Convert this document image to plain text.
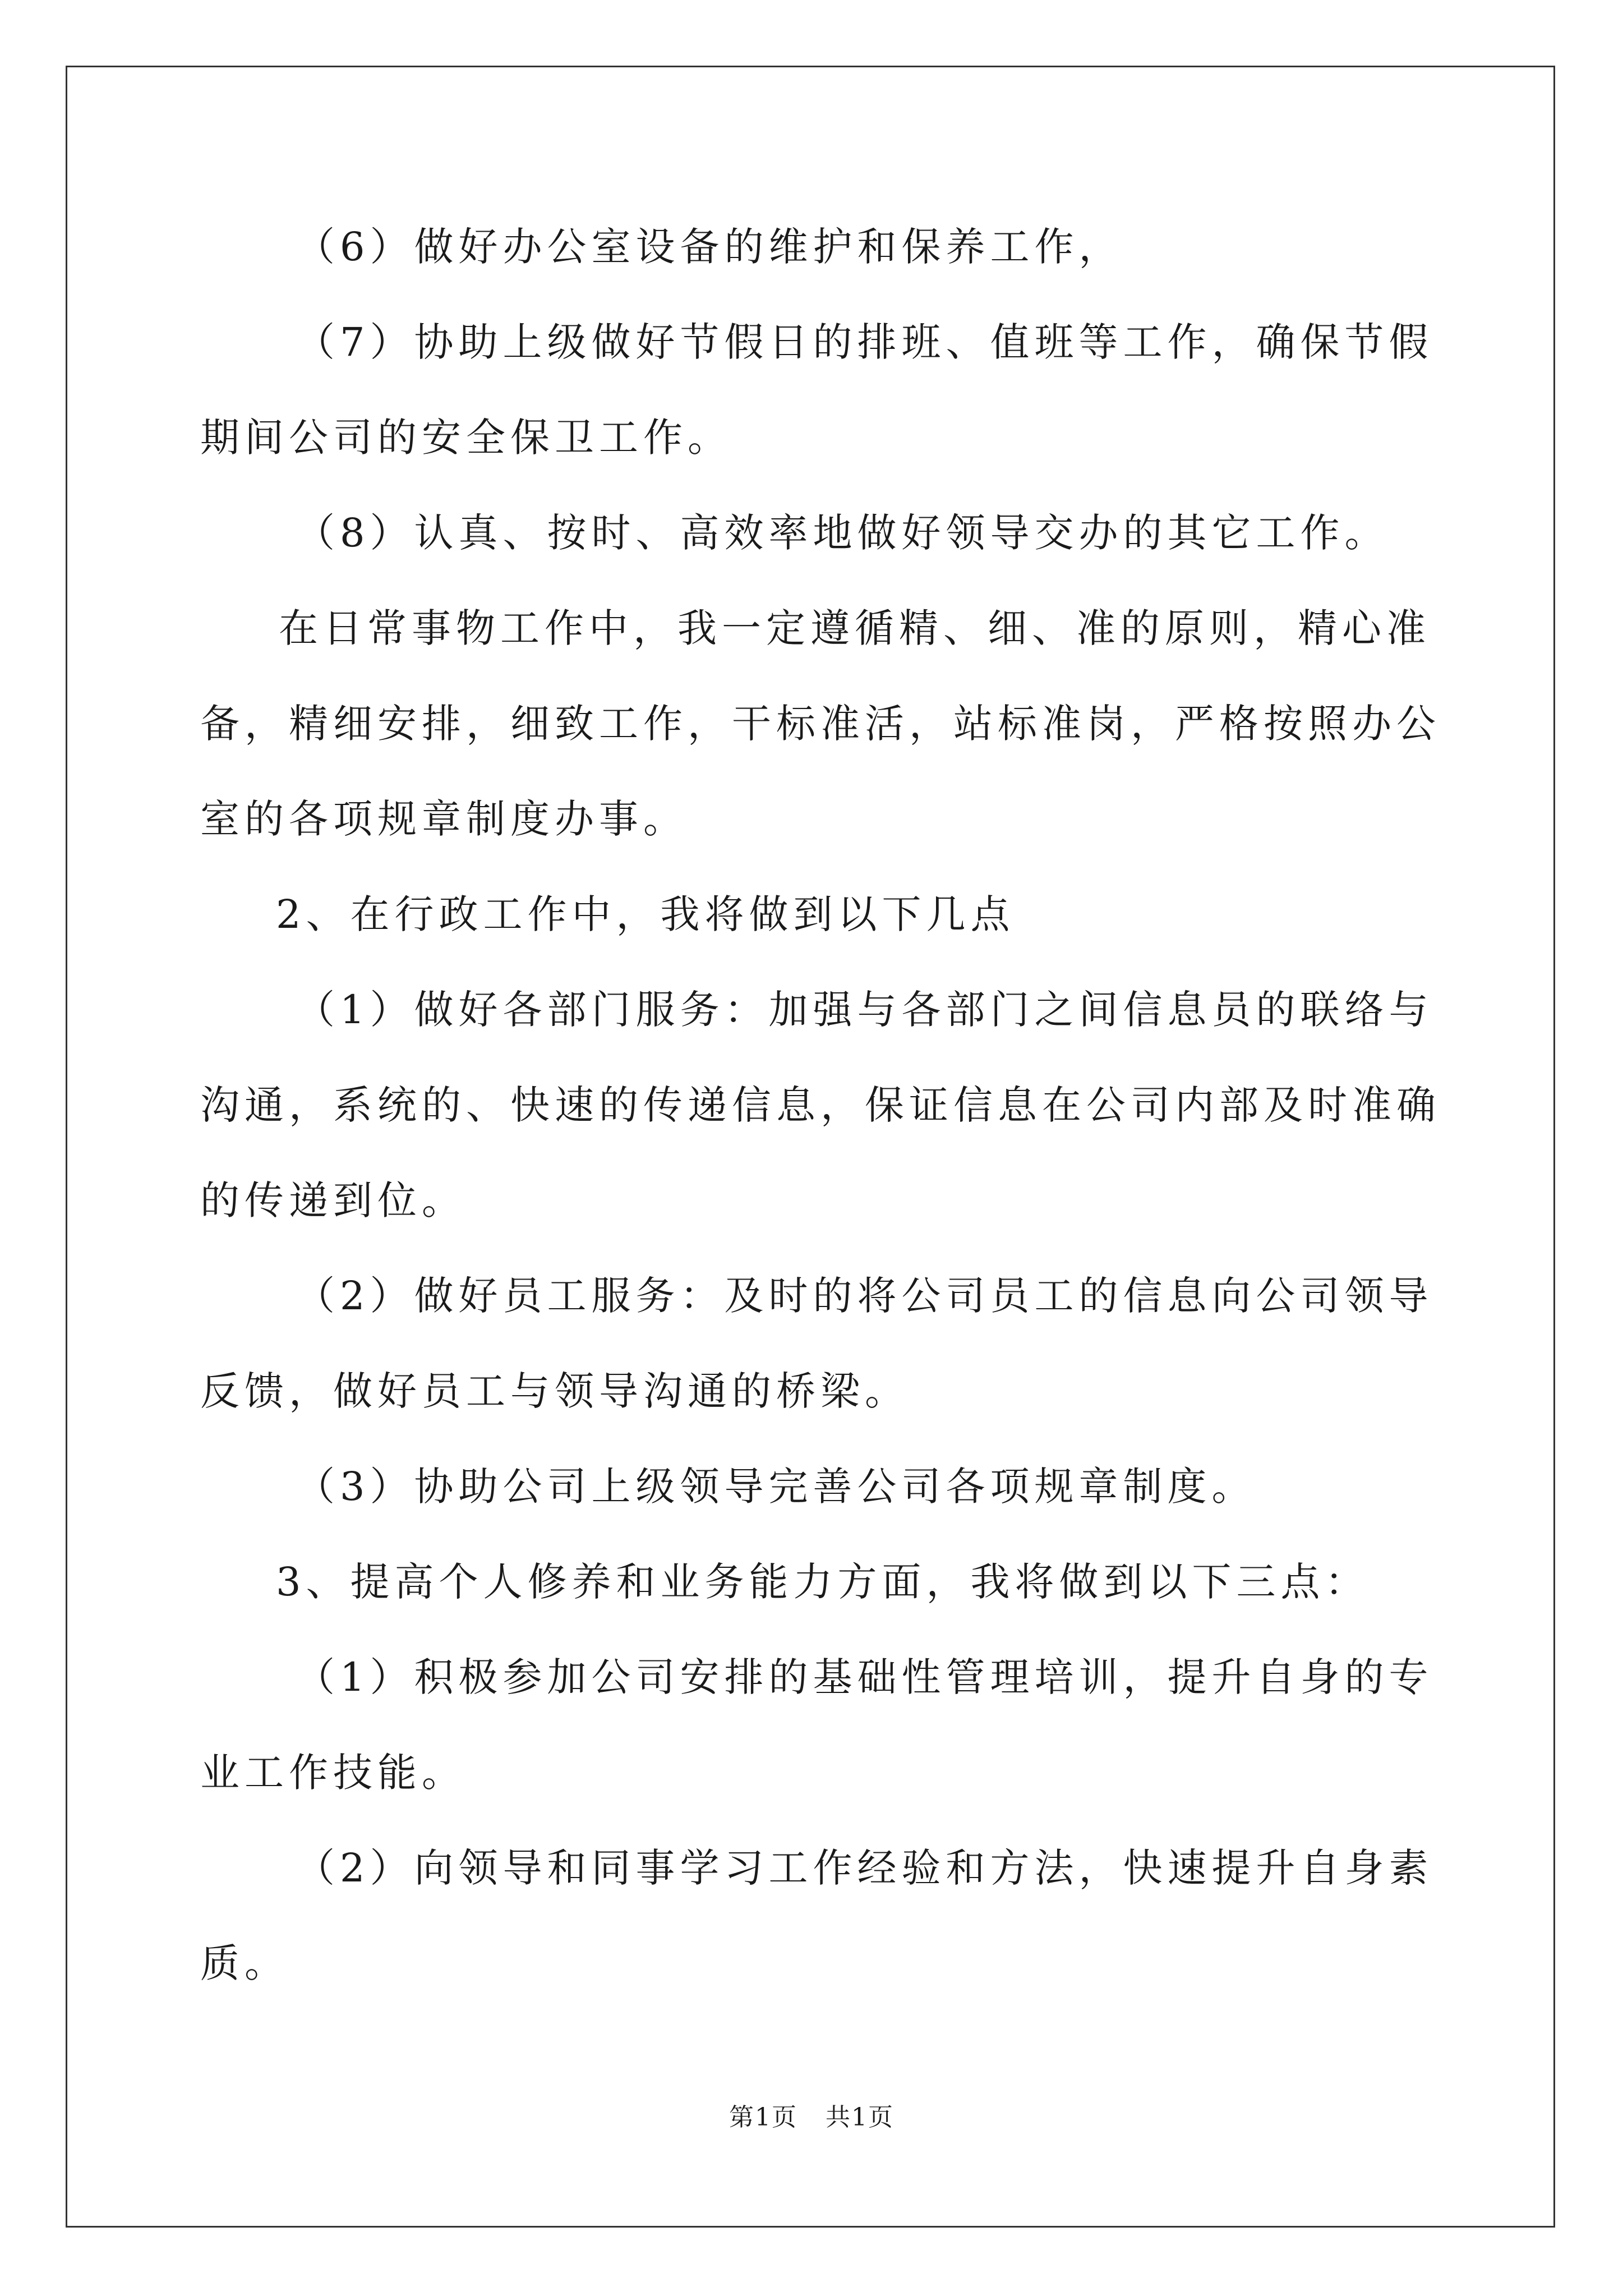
（6）做好办公室设备的维护和保养工作，

（7）协助上级做好节假日的排班、值班等工作，确保节假期间公司的安全保卫工作。

（8）认真、按时、高效率地做好领导交办的其它工作。

在日常事物工作中，我一定遵循精、细、准的原则，精心准备，精细安排，细致工作，干标准活，站标准岗，严格按照办公室的各项规章制度办事。

2、在行政工作中，我将做到以下几点

（1）做好各部门服务：加强与各部门之间信息员的联络与沟通，系统的、快速的传递信息，保证信息在公司内部及时准确的传递到位。

（2）做好员工服务：及时的将公司员工的信息向公司领导反馈，做好员工与领导沟通的桥梁。

（3）协助公司上级领导完善公司各项规章制度。

3、提高个人修养和业务能力方面，我将做到以下三点：

（1）积极参加公司安排的基础性管理培训，提升自身的专业工作技能。

（2）向领导和同事学习工作经验和方法，快速提升自身素质。

第1页 共1页
